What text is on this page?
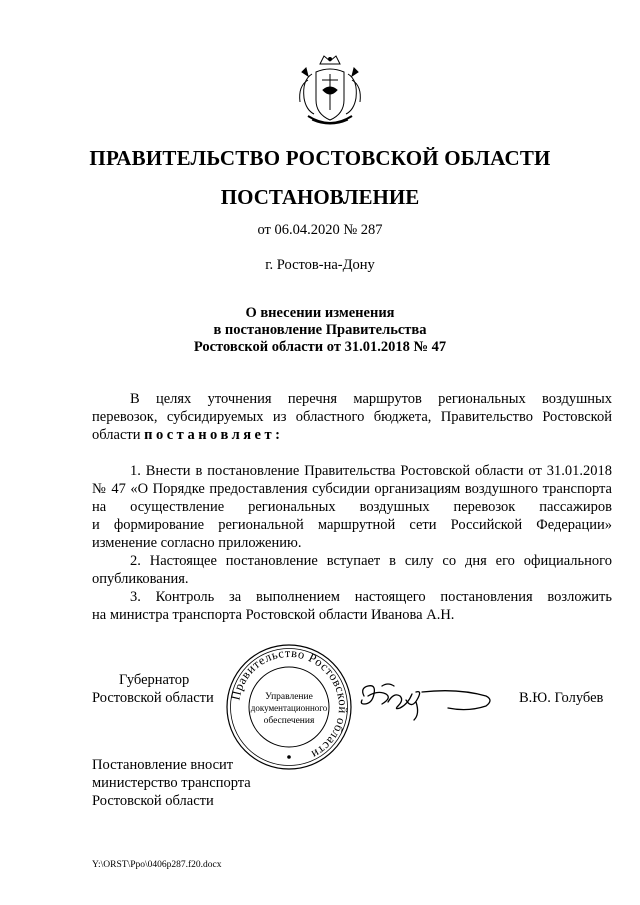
ПРАВИТЕЛЬСТВО РОСТОВСКОЙ ОБЛАСТИ
ПОСТАНОВЛЕНИЕ
от 06.04.2020 № 287
г. Ростов-на-Дону
О внесении изменения
в постановление Правительства
Ростовской области от 31.01.2018 № 47
В целях уточнения перечня маршрутов региональных воздушных
перевозок, субсидируемых из областного бюджета, Правительство Ростовской
области постановляет:
1. Внести в постановление Правительства Ростовской области от 31.01.2018
№ 47 «О Порядке предоставления субсидии организациям воздушного транспорта
на осуществление региональных воздушных перевозок пассажиров
и формирование региональной маршрутной сети Российской Федерации»
изменение согласно приложению.
2. Настоящее постановление вступает в силу со дня его официального
опубликования.
3. Контроль за выполнением настоящего постановления возложить
на министра транспорта Ростовской области Иванова А.Н.
Губернатор
Ростовской области	В.Ю. Голубев
Правительство Ростовской области
Управление
документационного
обеспечения
Постановление вносит
министерство транспорта
Ростовской области
Y:\ORST\Ppo\0406p287.f20.docx
